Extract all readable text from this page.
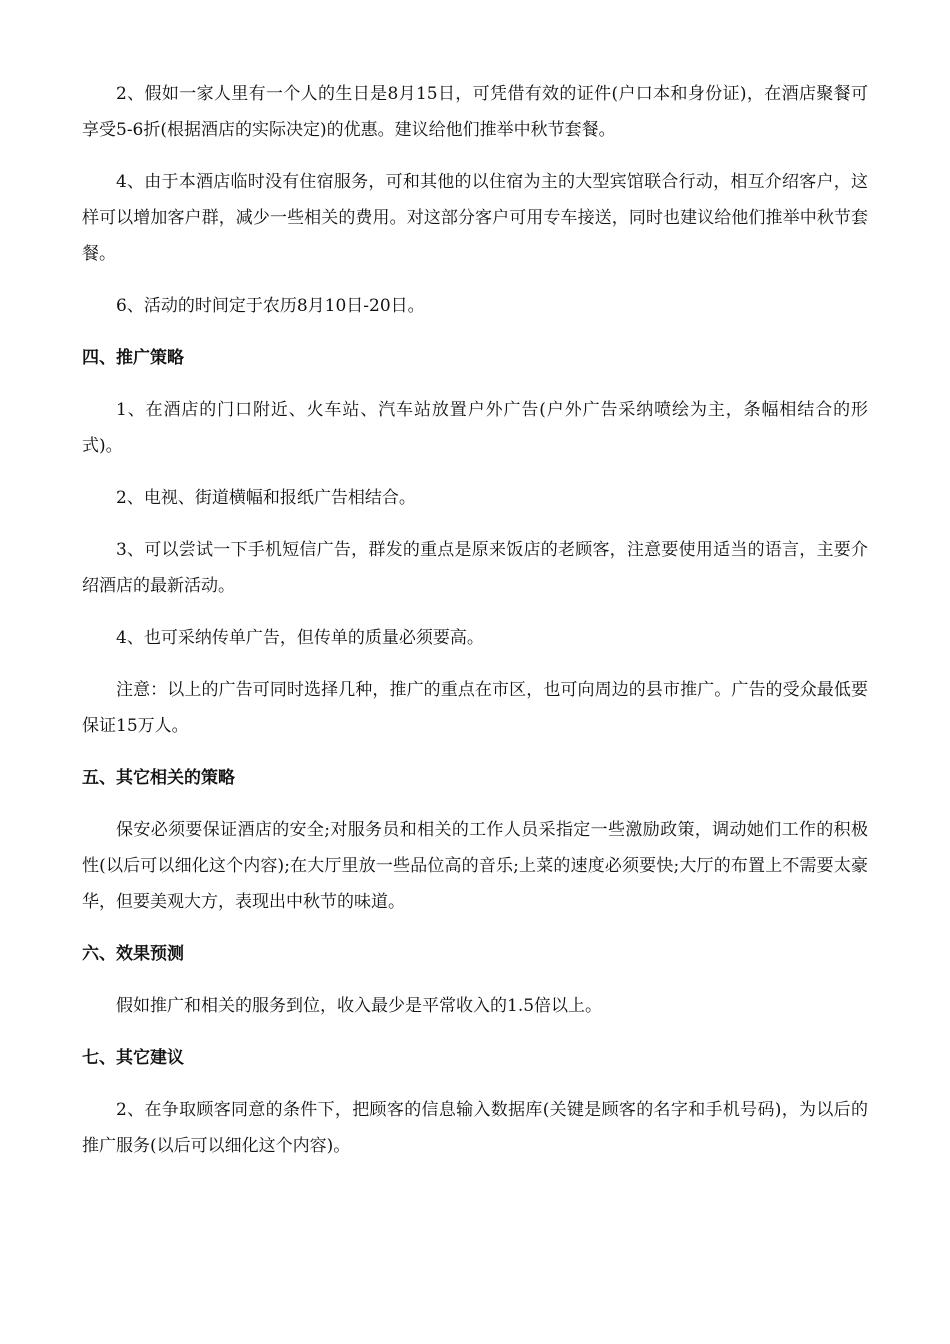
2、假如一家人里有一个人的生日是8月15日，可凭借有效的证件(户口本和身份证)，在酒店聚餐可享受5-6折(根据酒店的实际决定)的优惠。建议给他们推举中秋节套餐。

4、由于本酒店临时没有住宿服务，可和其他的以住宿为主的大型宾馆联合行动，相互介绍客户，这样可以增加客户群，减少一些相关的费用。对这部分客户可用专车接送，同时也建议给他们推举中秋节套餐。

6、活动的时间定于农历8月10日-20日。

四、推广策略

1、在酒店的门口附近、火车站、汽车站放置户外广告(户外广告采纳喷绘为主，条幅相结合的形式)。

2、电视、街道横幅和报纸广告相结合。

3、可以尝试一下手机短信广告，群发的重点是原来饭店的老顾客，注意要使用适当的语言，主要介绍酒店的最新活动。

4、也可采纳传单广告，但传单的质量必须要高。

注意：以上的广告可同时选择几种，推广的重点在市区，也可向周边的县市推广。广告的受众最低要保证15万人。

五、其它相关的策略

保安必须要保证酒店的安全;对服务员和相关的工作人员采指定一些激励政策，调动她们工作的积极性(以后可以细化这个内容);在大厅里放一些品位高的音乐;上菜的速度必须要快;大厅的布置上不需要太豪华，但要美观大方，表现出中秋节的味道。

六、效果预测

假如推广和相关的服务到位，收入最少是平常收入的1.5倍以上。

七、其它建议

2、在争取顾客同意的条件下，把顾客的信息输入数据库(关键是顾客的名字和手机号码)，为以后的推广服务(以后可以细化这个内容)。
